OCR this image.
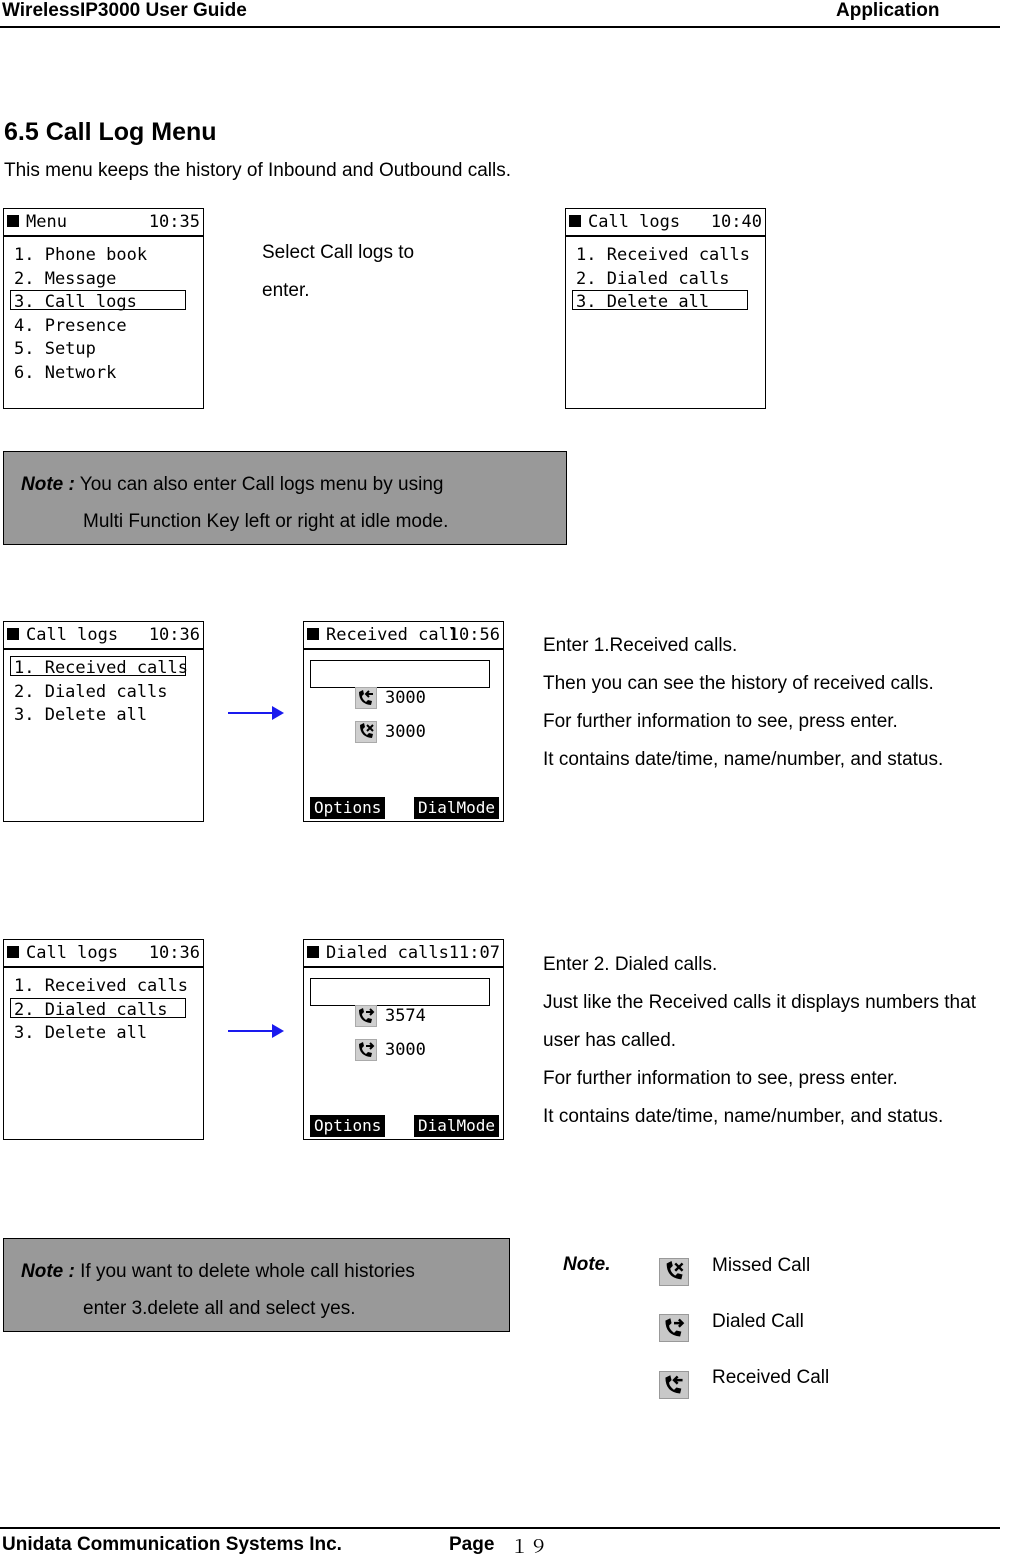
WirelessIP3000 User Guide	Application
6.5 Call Log Menu
This menu keeps the history of Inbound and Outbound calls.
Menu	10:35
1. Phone book
2. Message
3. Call logs
4. Presence
5. Setup
6. Network
Select Call logs to
enter.
Call logs 10:40
1. Received calls
2. Dialed calls
3. Delete all
Note : You can also enter Call logs menu by using
Multi Function Key left or right at idle mode.
Call logs 10:36
1. Received calls
2. Dialed calls
3. Delete all
Received call
10:56

3000

3000

Options DialMode
Enter 1.Received calls.
Then you can see the history of received calls.
For further information to see, press enter.
It contains date/time, name/number, and status.
Call logs 10:36
1. Received calls
2. Dialed calls
3. Delete all
Dialed calls 11:07

3574

3000

Options DialMode
Enter 2. Dialed calls.
Just like the Received calls it displays numbers that
user has called.
For further information to see, press enter.
It contains date/time, name/number, and status.
Note : If you want to delete whole call histories
enter 3.delete all and select yes.
Note.	Missed Call
Dialed Call
Received Call
Unidata Communication Systems Inc.	Page １９
